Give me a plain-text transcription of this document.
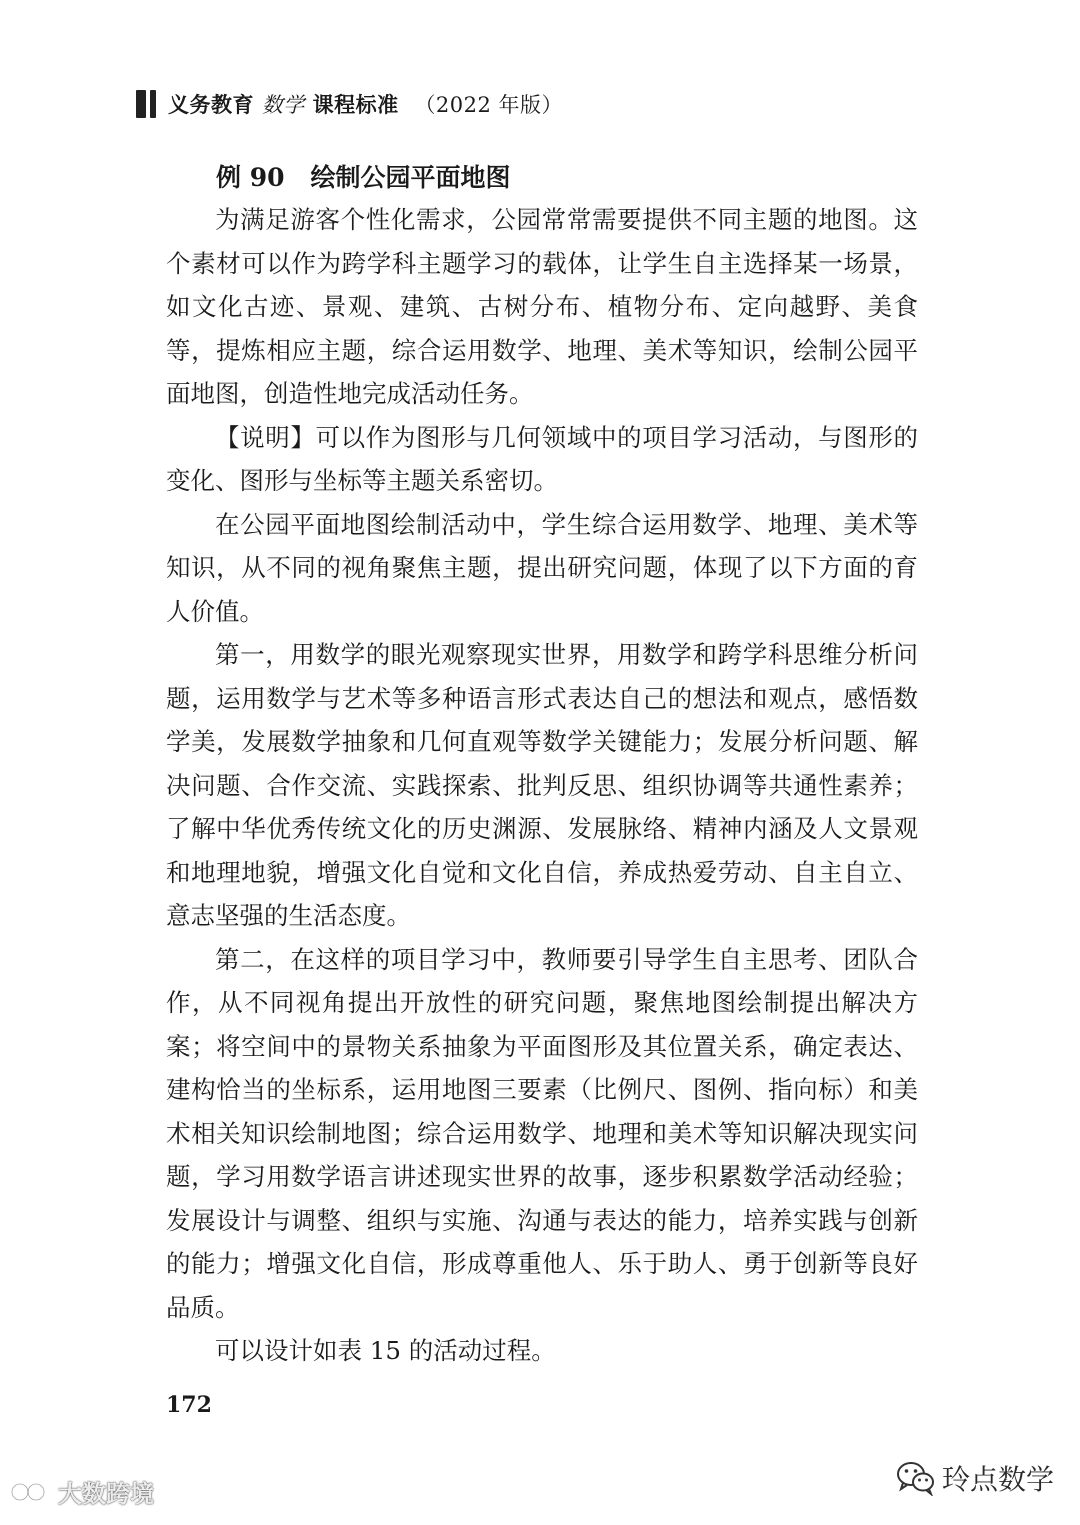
义务教育 数学 课程标准 （2022 年版）
例 90 绘制公园平面地图

为满足游客个性化需求，公园常常需要提供不同主题的地图。这个素材可以作为跨学科主题学习的载体，让学生自主选择某一场景，如文化古迹、景观、建筑、古树分布、植物分布、定向越野、美食等，提炼相应主题，综合运用数学、地理、美术等知识，绘制公园平面地图，创造性地完成活动任务。

【说明】可以作为图形与几何领域中的项目学习活动，与图形的变化、图形与坐标等主题关系密切。

在公园平面地图绘制活动中，学生综合运用数学、地理、美术等知识，从不同的视角聚焦主题，提出研究问题，体现了以下方面的育人价值。

第一，用数学的眼光观察现实世界，用数学和跨学科思维分析问题，运用数学与艺术等多种语言形式表达自己的想法和观点，感悟数学美，发展数学抽象和几何直观等数学关键能力；发展分析问题、解决问题、合作交流、实践探索、批判反思、组织协调等共通性素养；了解中华优秀传统文化的历史渊源、发展脉络、精神内涵及人文景观和地理地貌，增强文化自觉和文化自信，养成热爱劳动、自主自立、意志坚强的生活态度。

第二，在这样的项目学习中，教师要引导学生自主思考、团队合作，从不同视角提出开放性的研究问题，聚焦地图绘制提出解决方案；将空间中的景物关系抽象为平面图形及其位置关系，确定表达、建构恰当的坐标系，运用地图三要素（比例尺、图例、指向标）和美术相关知识绘制地图；综合运用数学、地理和美术等知识解决现实问题，学习用数学语言讲述现实世界的故事，逐步积累数学活动经验；发展设计与调整、组织与实施、沟通与表达的能力，培养实践与创新的能力；增强文化自信，形成尊重他人、乐于助人、勇于创新等良好品质。

可以设计如表 15 的活动过程。

172
大数跨境	玲点数学
